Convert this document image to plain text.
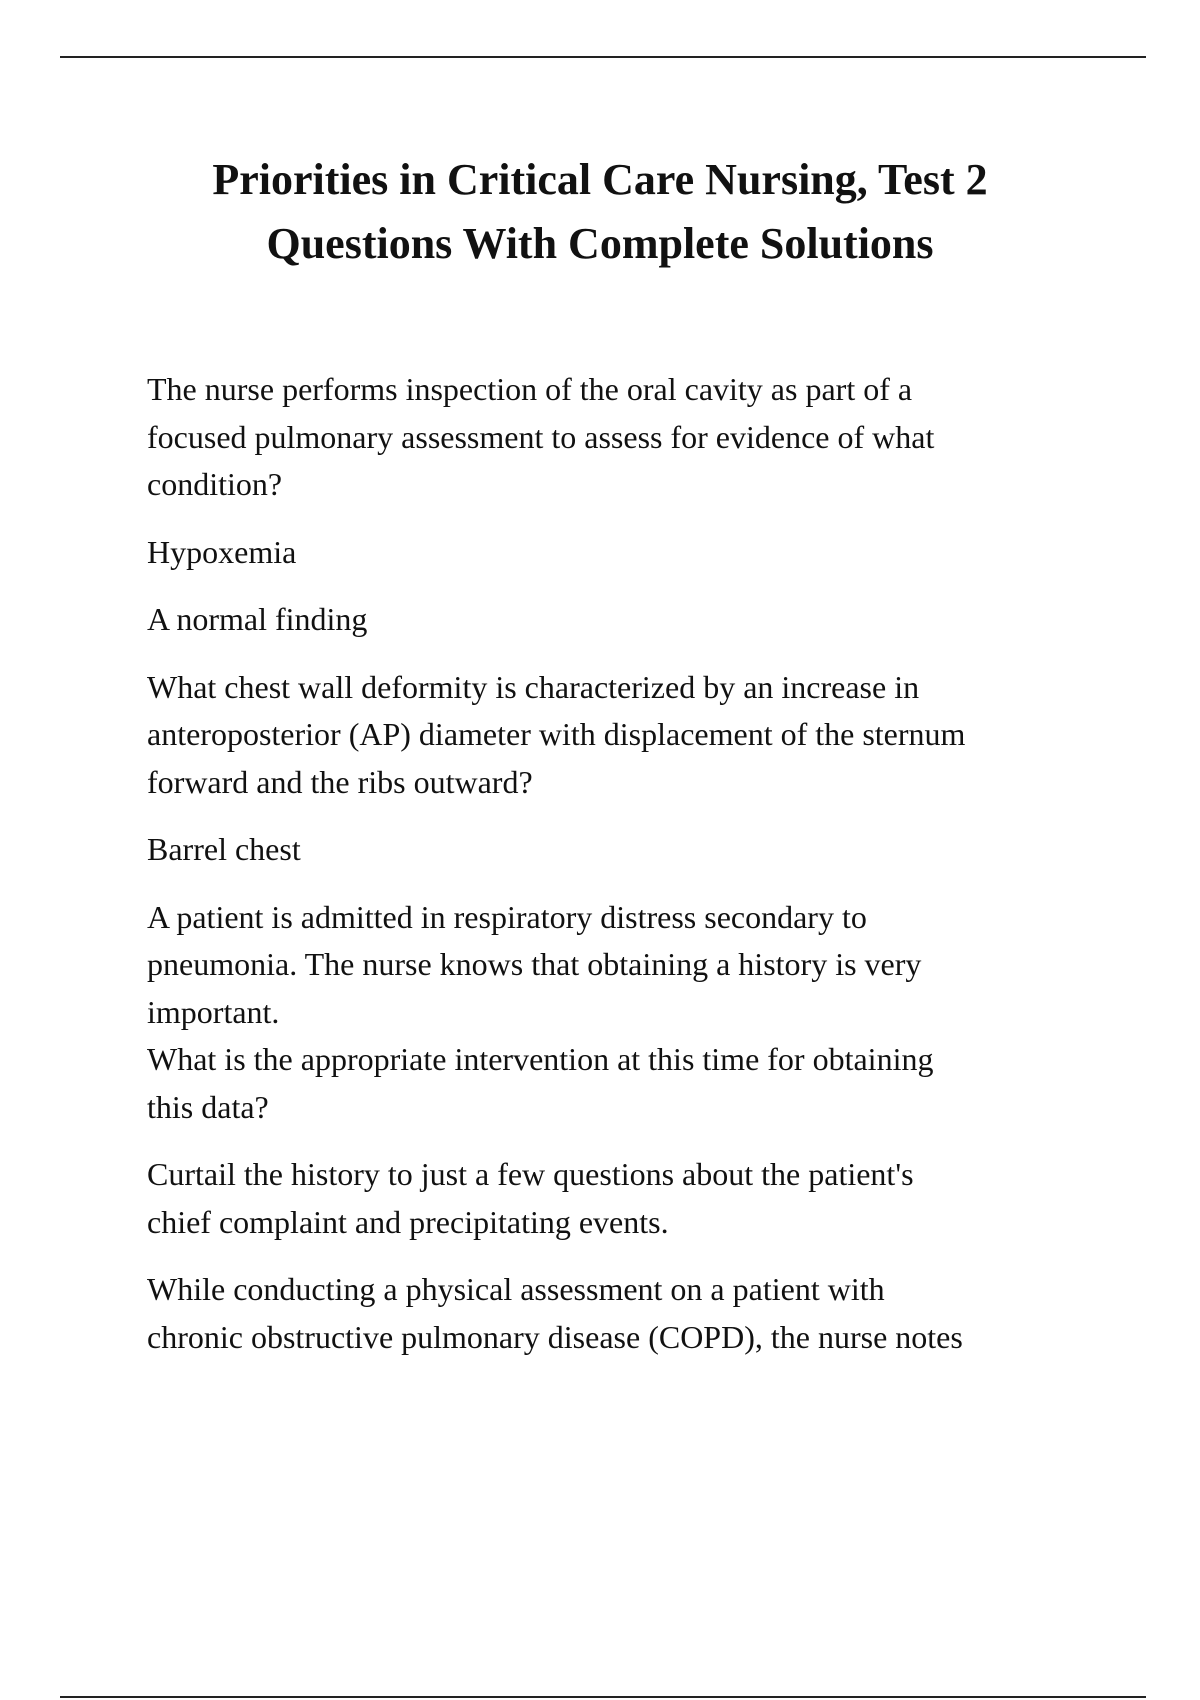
Priorities in Critical Care Nursing, Test 2
Questions With Complete Solutions
The nurse performs inspection of the oral cavity as part of a
focused pulmonary assessment to assess for evidence of what
condition?
Hypoxemia
A normal finding
What chest wall deformity is characterized by an increase in
anteroposterior (AP) diameter with displacement of the sternum
forward and the ribs outward?
Barrel chest
A patient is admitted in respiratory distress secondary to
pneumonia. The nurse knows that obtaining a history is very
important.
What is the appropriate intervention at this time for obtaining
this data?
Curtail the history to just a few questions about the patient's
chief complaint and precipitating events.
While conducting a physical assessment on a patient with
chronic obstructive pulmonary disease (COPD), the nurse notes
